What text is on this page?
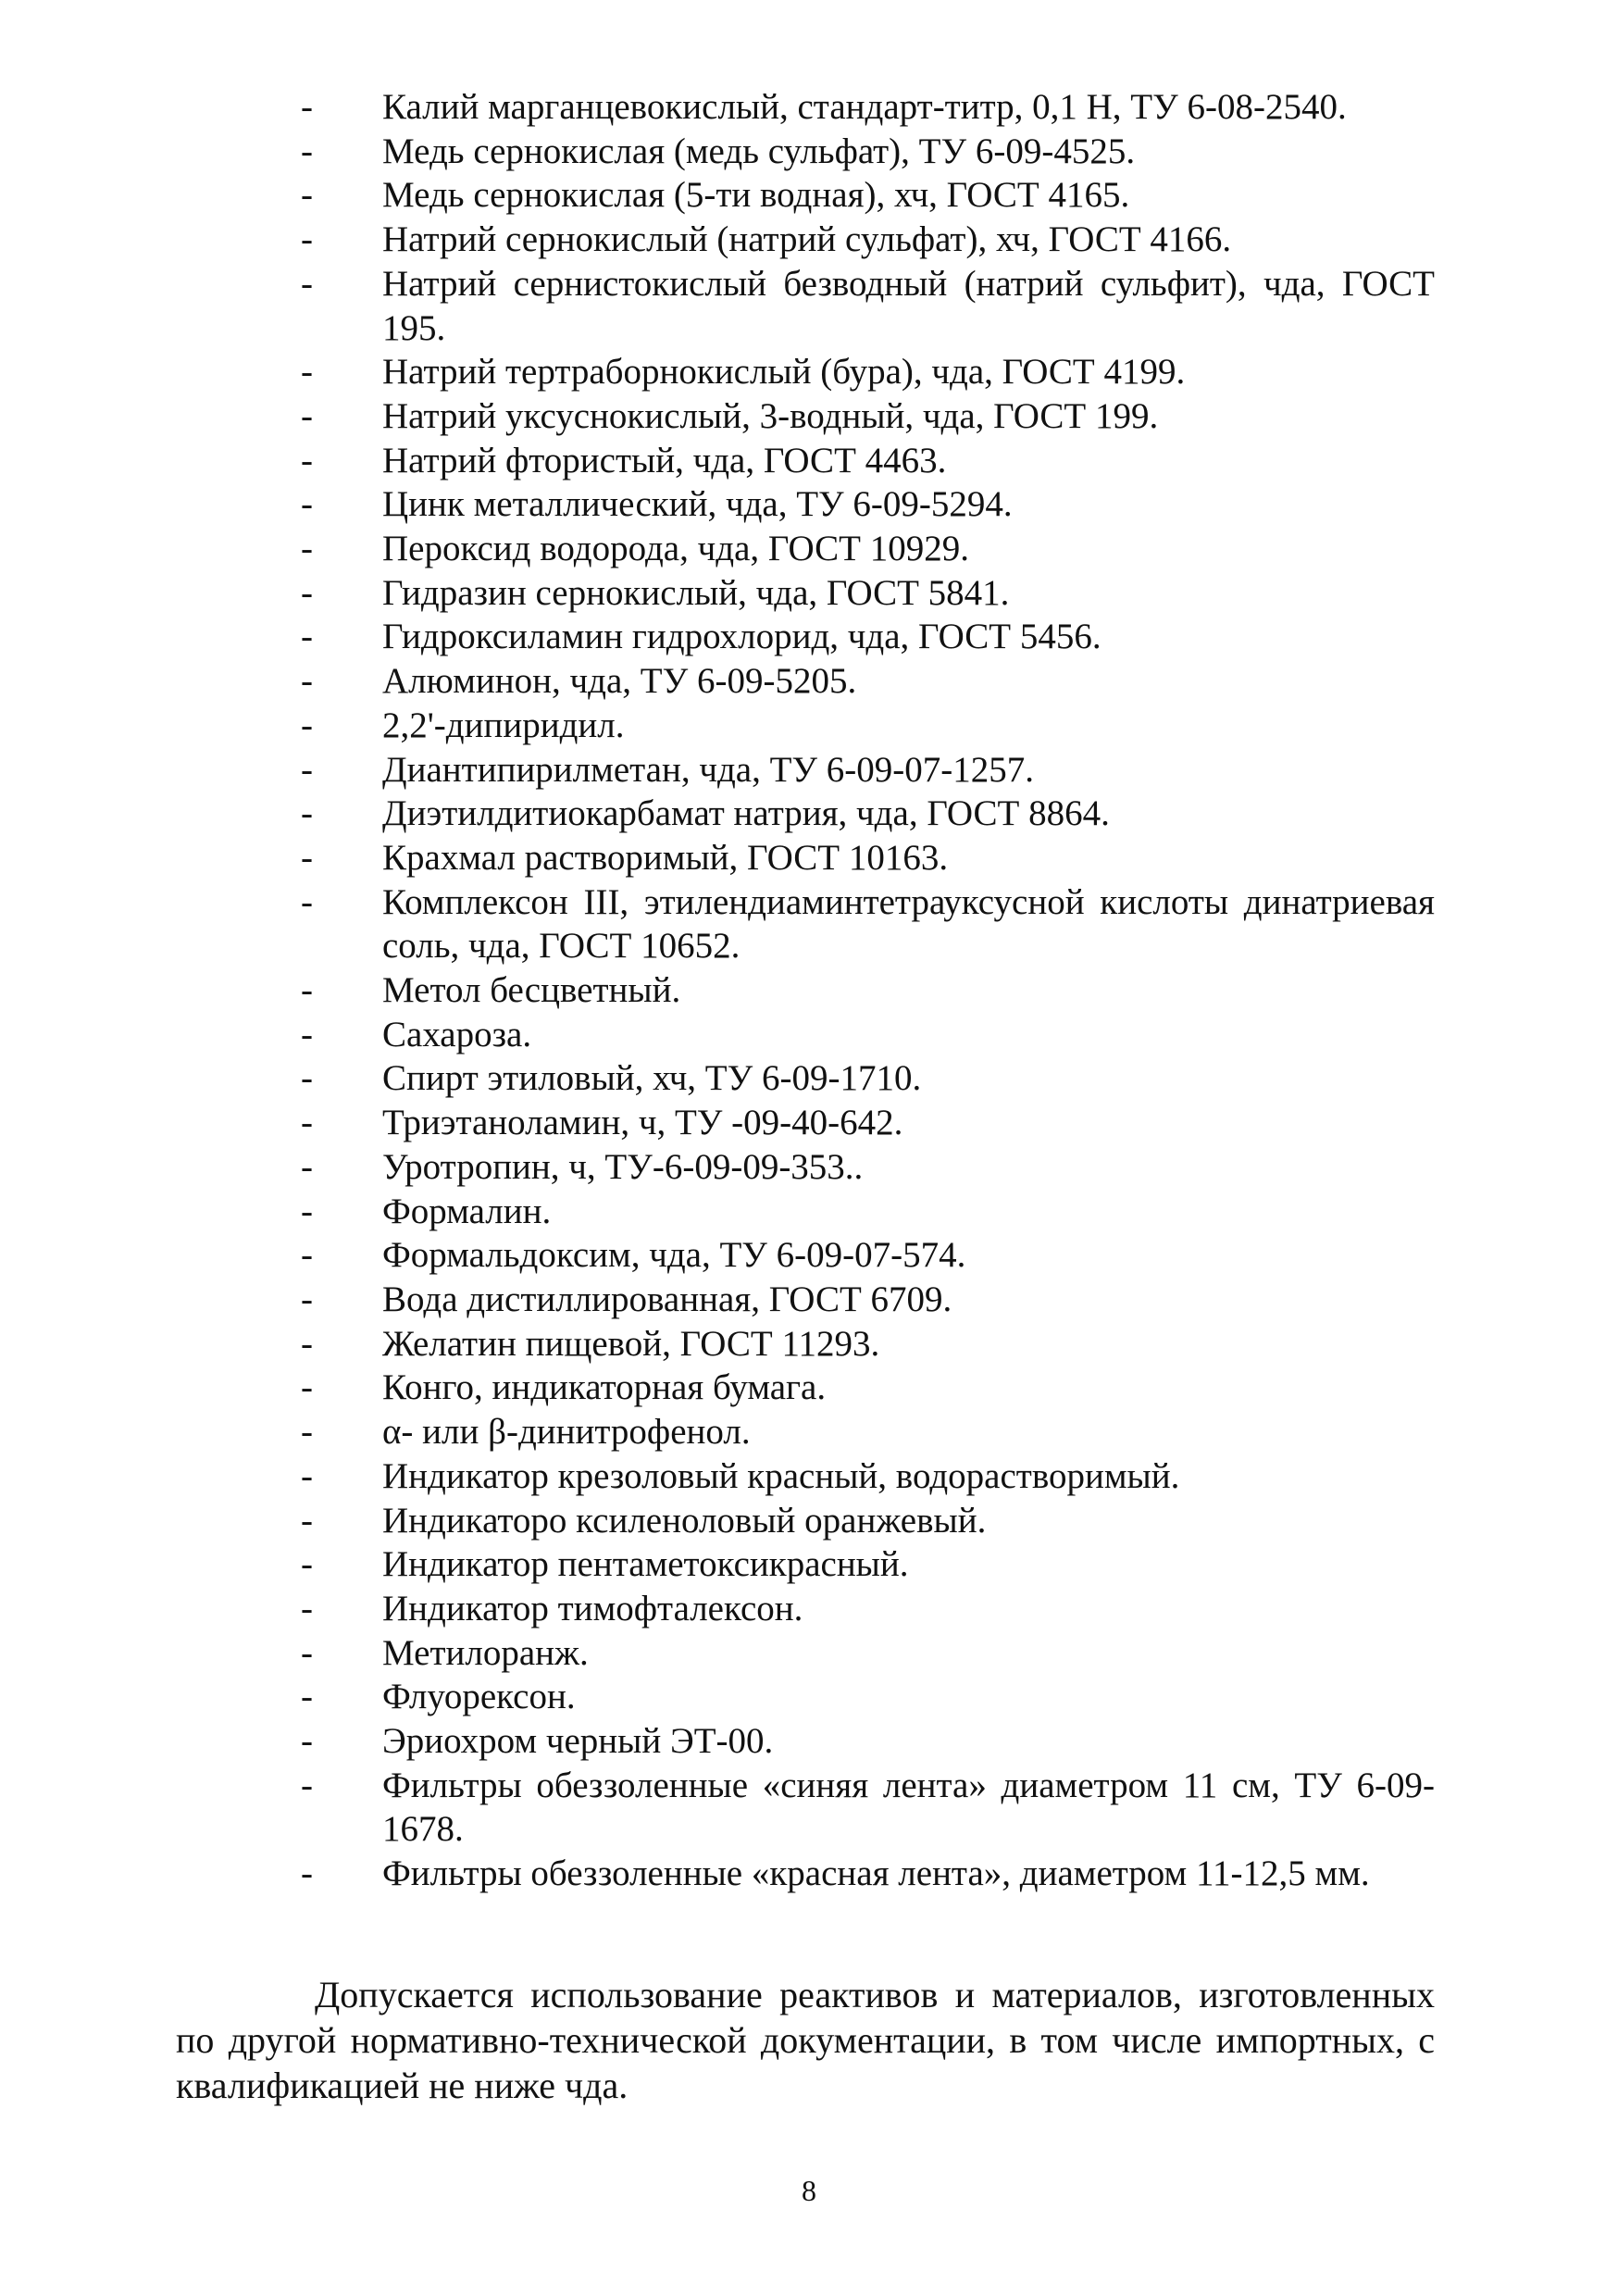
-	Калий марганцевокислый, стандарт-титр, 0,1 Н, ТУ 6-08-2540.
-	Медь сернокислая (медь сульфат), ТУ 6-09-4525.
-	Медь сернокислая (5-ти водная), хч, ГОСТ 4165.
-	Натрий сернокислый (натрий сульфат), хч, ГОСТ 4166.
-	Натрий сернистокислый безводный (натрий сульфит), чда, ГОСТ 195.
-	Натрий тертраборнокислый (бура), чда, ГОСТ 4199.
-	Натрий уксуснокислый, 3-водный, чда, ГОСТ 199.
-	Натрий фтористый, чда, ГОСТ 4463.
-	Цинк металлический, чда, ТУ 6-09-5294.
-	Пероксид водорода, чда, ГОСТ 10929.
-	Гидразин сернокислый, чда, ГОСТ 5841.
-	Гидроксиламин гидрохлорид, чда, ГОСТ 5456.
-	Алюминон, чда, ТУ 6-09-5205.
-	2,2'-дипиридил.
-	Диантипирилметан, чда, ТУ 6-09-07-1257.
-	Диэтилдитиокарбамат натрия, чда, ГОСТ 8864.
-	Крахмал растворимый, ГОСТ 10163.
-	Комплексон III, этилендиаминтетрауксусной кислоты динатриевая соль, чда, ГОСТ 10652.
-	Метол бесцветный.
-	Сахароза.
-	Спирт этиловый, хч, ТУ 6-09-1710.
-	Триэтаноламин, ч, ТУ -09-40-642.
-	Уротропин, ч, ТУ-6-09-09-353..
-	Формалин.
-	Формальдоксим, чда, ТУ 6-09-07-574.
-	Вода дистиллированная, ГОСТ 6709.
-	Желатин пищевой, ГОСТ 11293.
-	Конго, индикаторная бумага.
-	α- или β-динитрофенол.
-	Индикатор крезоловый красный, водорастворимый.
-	Индикаторо ксиленоловый оранжевый.
-	Индикатор пентаметоксикрасный.
-	Индикатор тимофталексон.
-	Метилоранж.
-	Флуорексон.
-	Эриохром черный ЭТ-00.
-	Фильтры обеззоленные «синяя лента» диаметром 11 см, ТУ 6-09-1678.
-	Фильтры обеззоленные «красная лента», диаметром 11-12,5 мм.

Допускается использование реактивов и материалов, изготовленных по другой нормативно-технической документации, в том числе импортных, с квалификацией не ниже чда.

8
